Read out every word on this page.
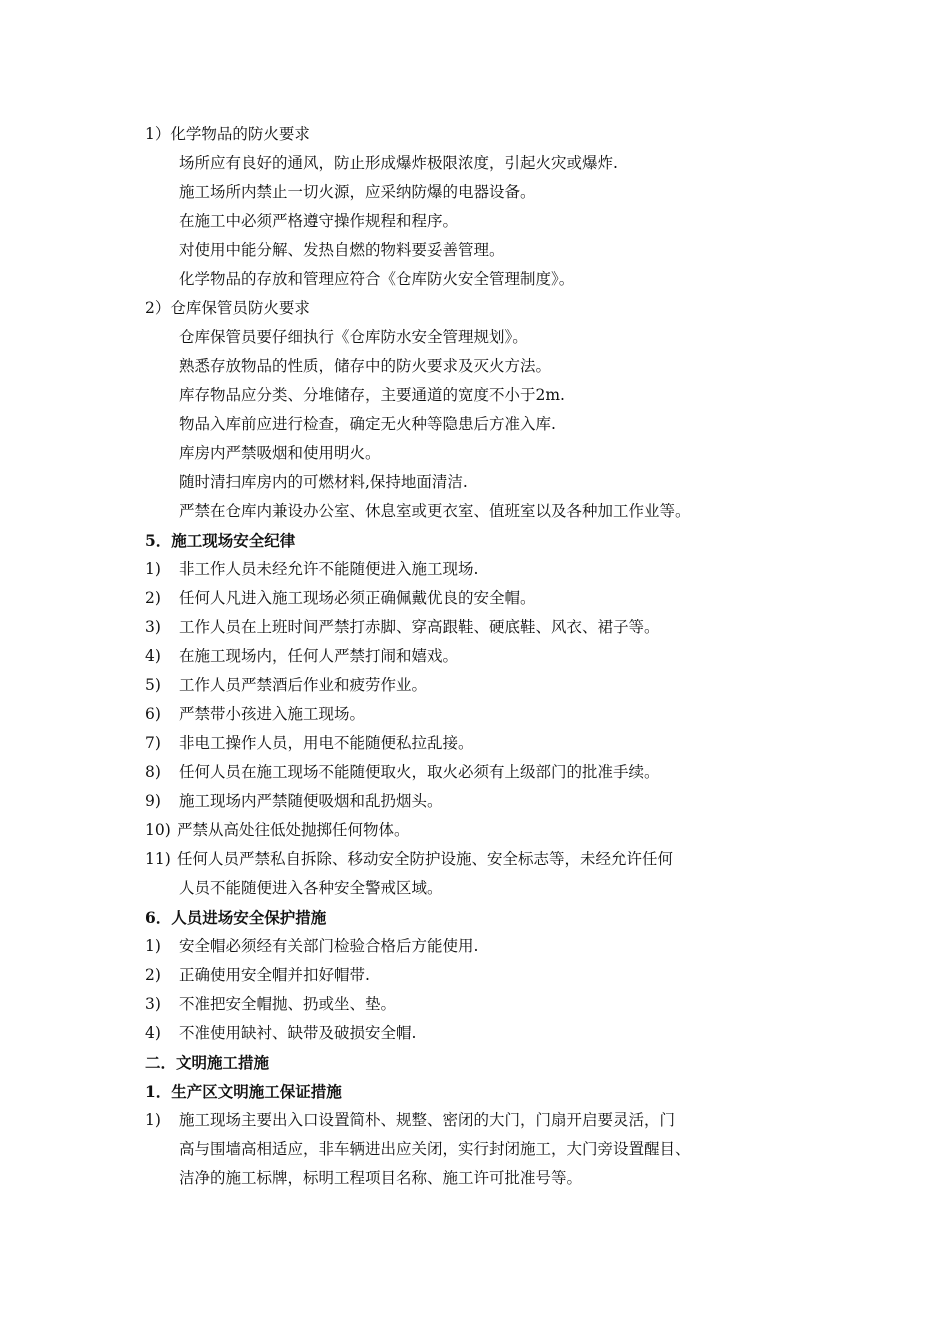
1）化学物品的防火要求
场所应有良好的通风，防止形成爆炸极限浓度，引起火灾或爆炸.
施工场所内禁止一切火源，应采纳防爆的电器设备。
在施工中必须严格遵守操作规程和程序。
对使用中能分解、发热自燃的物料要妥善管理。
化学物品的存放和管理应符合《仓库防火安全管理制度》。
2）仓库保管员防火要求
仓库保管员要仔细执行《仓库防水安全管理规划》。
熟悉存放物品的性质，储存中的防火要求及灭火方法。
库存物品应分类、分堆储存，主要通道的宽度不小于2m.
物品入库前应进行检查，确定无火种等隐患后方准入库.
库房内严禁吸烟和使用明火。
随时清扫库房内的可燃材料,保持地面清洁.
严禁在仓库内兼设办公室、休息室或更衣室、值班室以及各种加工作业等。
5．施工现场安全纪律
1) 非工作人员未经允许不能随便进入施工现场.
2) 任何人凡进入施工现场必须正确佩戴优良的安全帽。
3) 工作人员在上班时间严禁打赤脚、穿高跟鞋、硬底鞋、风衣、裙子等。
4) 在施工现场内，任何人严禁打闹和嬉戏。
5) 工作人员严禁酒后作业和疲劳作业。
6) 严禁带小孩进入施工现场。
7) 非电工操作人员，用电不能随便私拉乱接。
8) 任何人员在施工现场不能随便取火，取火必须有上级部门的批准手续。
9) 施工现场内严禁随便吸烟和乱扔烟头。
10) 严禁从高处往低处抛掷任何物体。
11) 任何人员严禁私自拆除、移动安全防护设施、安全标志等，未经允许任何
人员不能随便进入各种安全警戒区域。
6．人员进场安全保护措施
1) 安全帽必须经有关部门检验合格后方能使用.
2) 正确使用安全帽并扣好帽带.
3) 不准把安全帽抛、扔或坐、垫。
4) 不准使用缺衬、缺带及破损安全帽.
二．文明施工措施
1．生产区文明施工保证措施
1) 施工现场主要出入口设置简朴、规整、密闭的大门，门扇开启要灵活，门
高与围墙高相适应，非车辆进出应关闭，实行封闭施工，大门旁设置醒目、
洁净的施工标牌，标明工程项目名称、施工许可批准号等。
